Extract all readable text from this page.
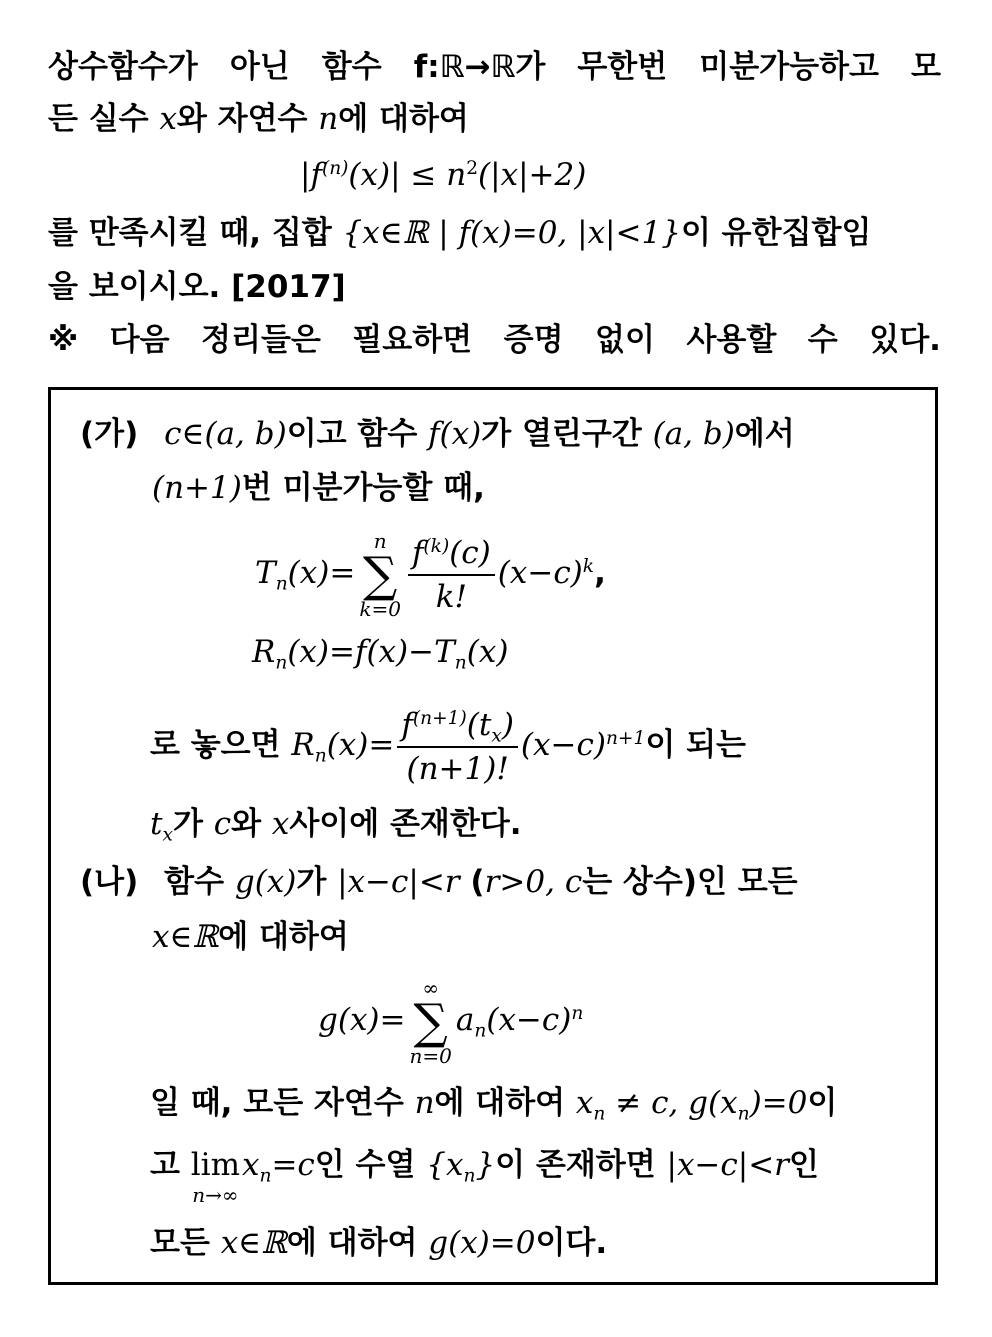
상수함수가 아닌 함수 f:ℝ→ℝ가 무한번 미분가능하고 모
든 실수 x와 자연수 n에 대하여
$|f^{(n)}(x)| \le n^2(|x|+2)$
를 만족시킬 때, 집합 {x∈ℝ | f(x)=0, |x|<1}이 유한집합임
을 보이시오. [2017]
※ 다음 정리들은 필요하면 증명 없이 사용할 수 있다.
(가) c∈(a, b)이고 함수 f(x)가 열린구간 (a, b)에서
(n+1)번 미분가능할 때,
$T_n(x)=$
n
∑
$k=0 \frac{f^{(k)}(c)}{k!} (x-c)^k$,
$R_n(x)=f(x)-T_n(x)$
로 놓으면 $R_n(x)= \frac{f^{(n+1)}(t_x)}{(n+1)!} (x-c)^{n+1}$이 되는
$t_x$가 c와 x사이에 존재한다.
(나) 함수 g(x)가 |x−c|<r (r>0, c는 상수)인 모든
x∈ℝ에 대하여
g(x)=
∞
∑
n=0
$a_n(x-c)^n$
일 때, 모든 자연수 n에 대하여 $x_n \ne c$, $g(x_n)=0$이
고 lim
n→∞
$x_n=c$인 수열 $\{x_n\}$이 존재하면 |x−c|<r인
모든 x∈ℝ에 대하여 g(x)=0이다.
